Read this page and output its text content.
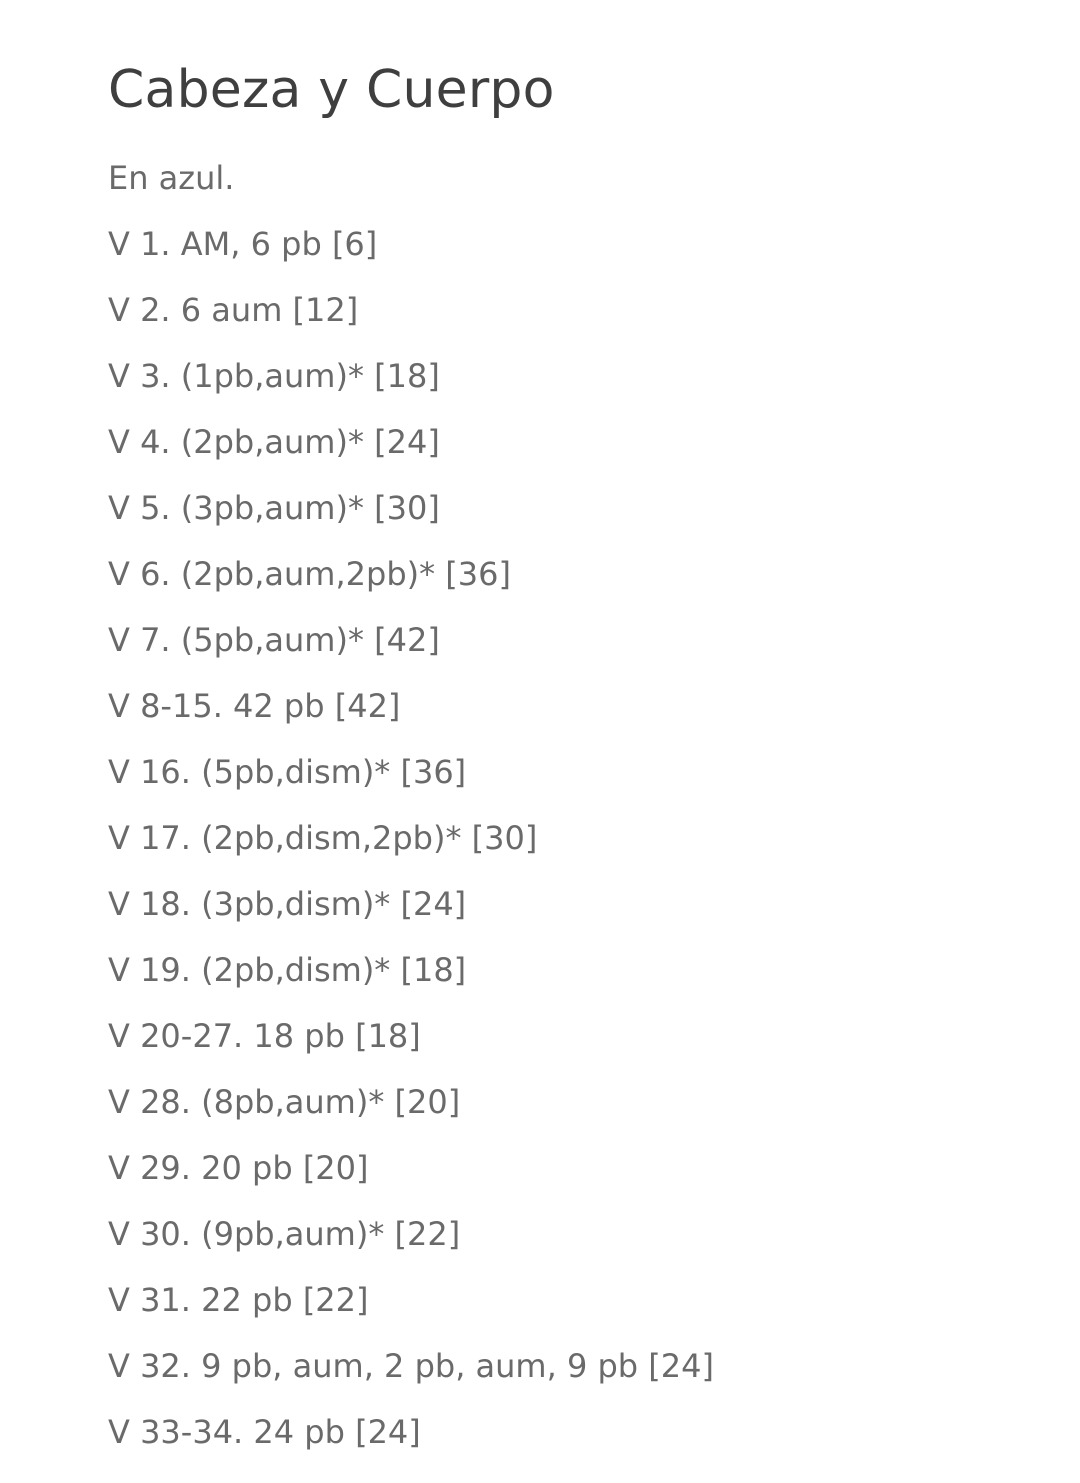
Cabeza y Cuerpo
En azul.
V 1. AM, 6 pb [6]
V 2. 6 aum [12]
V 3. (1pb,aum)* [18]
V 4. (2pb,aum)* [24]
V 5. (3pb,aum)* [30]
V 6. (2pb,aum,2pb)* [36]
V 7. (5pb,aum)* [42]
V 8-15. 42 pb [42]
V 16. (5pb,dism)* [36]
V 17. (2pb,dism,2pb)* [30]
V 18. (3pb,dism)* [24]
V 19. (2pb,dism)* [18]
V 20-27. 18 pb [18]
V 28. (8pb,aum)* [20]
V 29. 20 pb [20]
V 30. (9pb,aum)* [22]
V 31. 22 pb [22]
V 32. 9 pb, aum, 2 pb, aum, 9 pb [24]
V 33-34. 24 pb [24]
